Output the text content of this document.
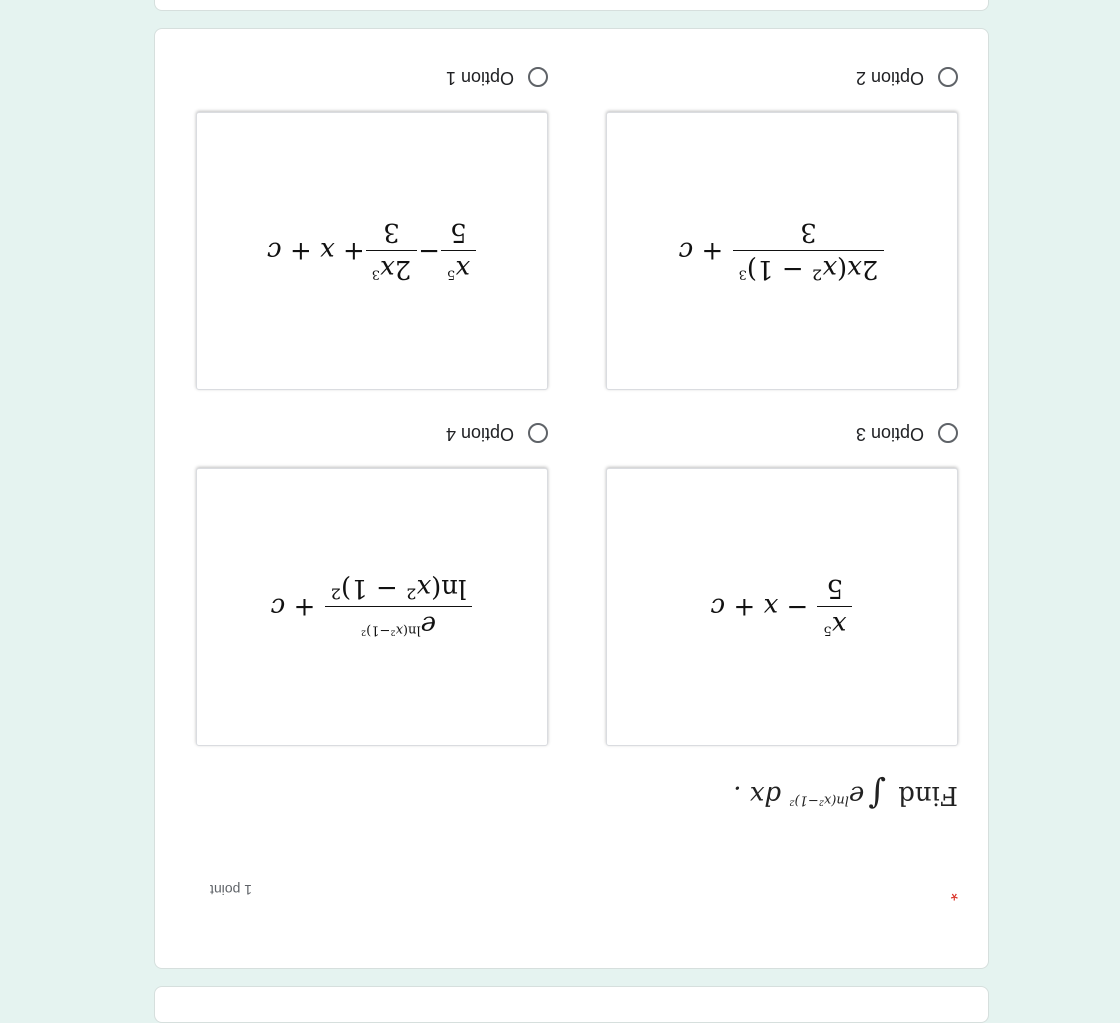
*
1 point
Find $\int e^{ln(x^2-1)^2}$ dx .
$x^5$
5
− x + c
Option 3
$e^{ln(x^2-1)^2}$
ln(x² − 1)²
+ c
Option 4
$2x(x^2 - 1)^3$
3
+ c
Option 2
$x^5$
5
−
$2x^3$
3
+ x + c
Option 1
